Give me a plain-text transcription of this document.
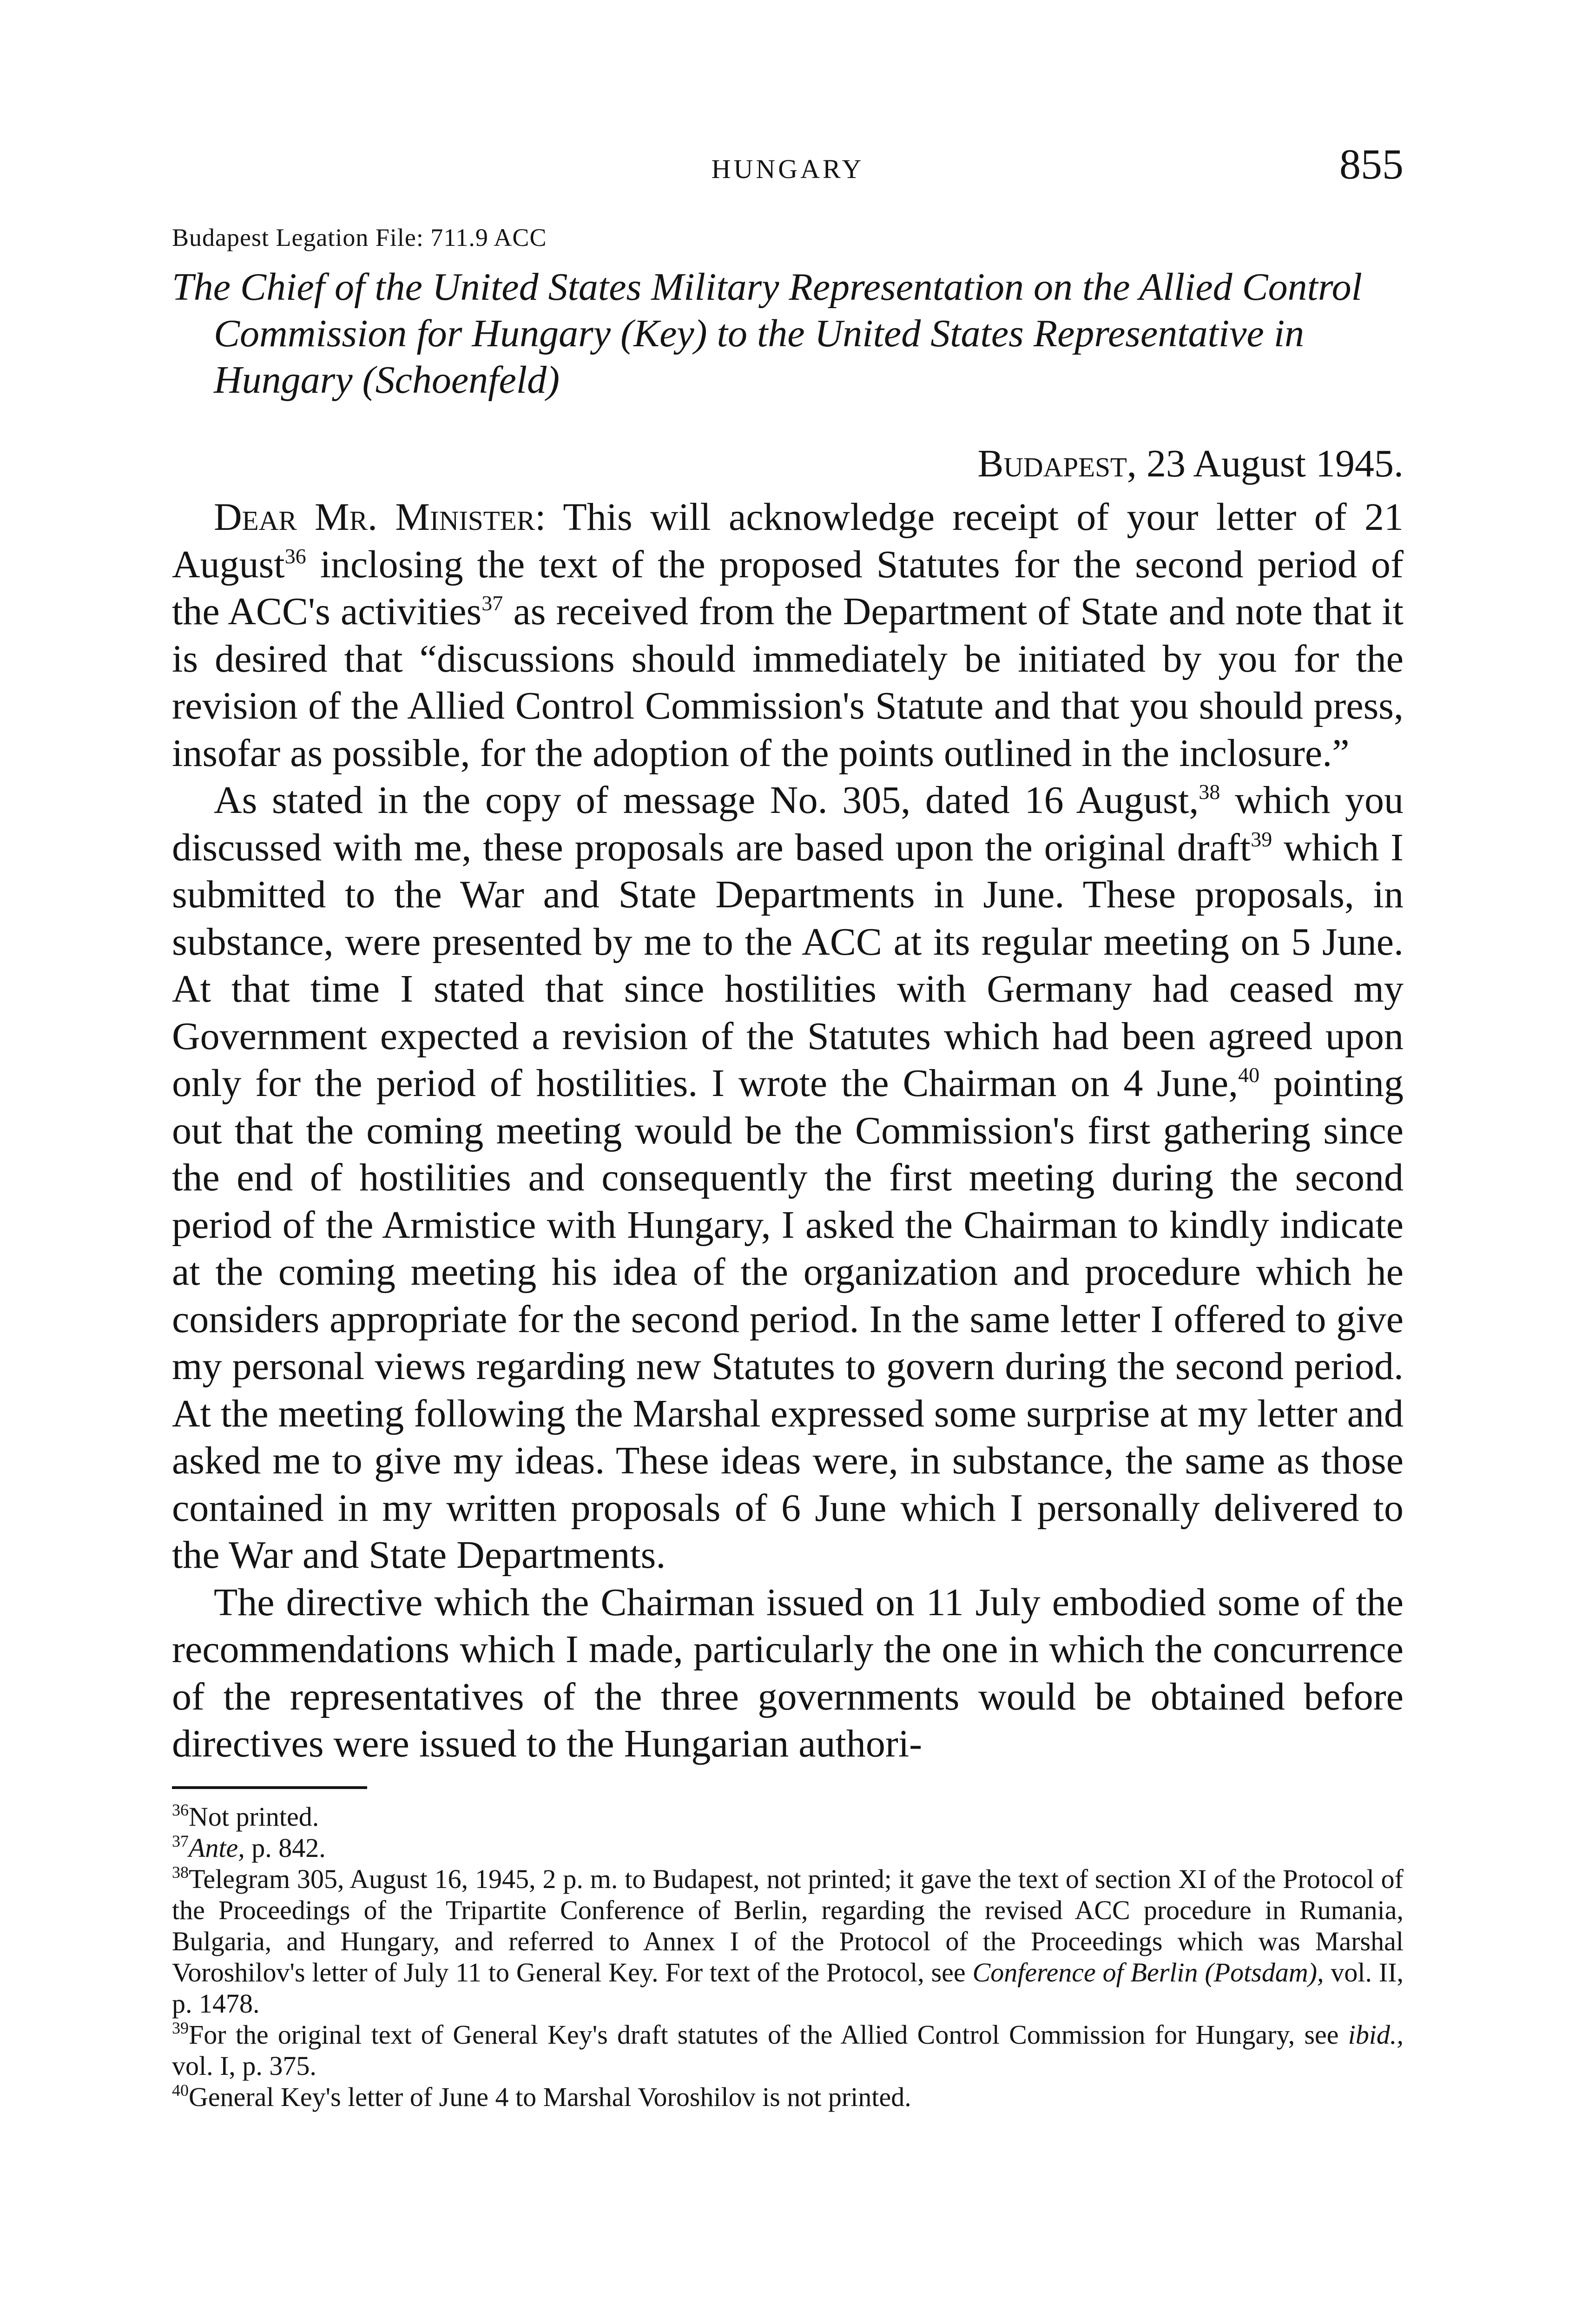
HUNGARY	855
Budapest Legation File: 711.9 ACC
The Chief of the United States Military Representation on the Allied Control Commission for Hungary (Key) to the United States Representative in Hungary (Schoenfeld)
Budapest, 23 August 1945.

Dear Mr. Minister: This will acknowledge receipt of your letter of 21 August$^{36}$ inclosing the text of the proposed Statutes for the second period of the ACC's activities$^{37}$ as received from the Department of State and note that it is desired that “discussions should immediately be initiated by you for the revision of the Allied Control Commission's Statute and that you should press, insofar as possible, for the adoption of the points outlined in the inclosure.”

As stated in the copy of message No. 305, dated 16 August,$^{38}$ which you discussed with me, these proposals are based upon the original draft$^{39}$ which I submitted to the War and State Departments in June. These proposals, in substance, were presented by me to the ACC at its regular meeting on 5 June. At that time I stated that since hostilities with Germany had ceased my Government expected a revision of the Statutes which had been agreed upon only for the period of hostilities. I wrote the Chairman on 4 June,$^{40}$ pointing out that the coming meeting would be the Commission's first gathering since the end of hostilities and consequently the first meeting during the second period of the Armistice with Hungary, I asked the Chairman to kindly indicate at the coming meeting his idea of the organization and procedure which he considers appropriate for the second period. In the same letter I offered to give my personal views regarding new Statutes to govern during the second period. At the meeting following the Marshal expressed some surprise at my letter and asked me to give my ideas. These ideas were, in substance, the same as those contained in my written proposals of 6 June which I personally delivered to the War and State Departments.

The directive which the Chairman issued on 11 July embodied some of the recommendations which I made, particularly the one in which the concurrence of the representatives of the three governments would be obtained before directives were issued to the Hungarian authori-

$^{36}$Not printed.

$^{37}$Ante, p. 842.

$^{38}$Telegram 305, August 16, 1945, 2 p. m. to Budapest, not printed; it gave the text of section XI of the Protocol of the Proceedings of the Tripartite Conference of Berlin, regarding the revised ACC procedure in Rumania, Bulgaria, and Hungary, and referred to Annex I of the Protocol of the Proceedings which was Marshal Voroshilov's letter of July 11 to General Key. For text of the Protocol, see Conference of Berlin (Potsdam), vol. II, p. 1478.

$^{39}$For the original text of General Key's draft statutes of the Allied Control Commission for Hungary, see ibid., vol. I, p. 375.

$^{40}$General Key's letter of June 4 to Marshal Voroshilov is not printed.
